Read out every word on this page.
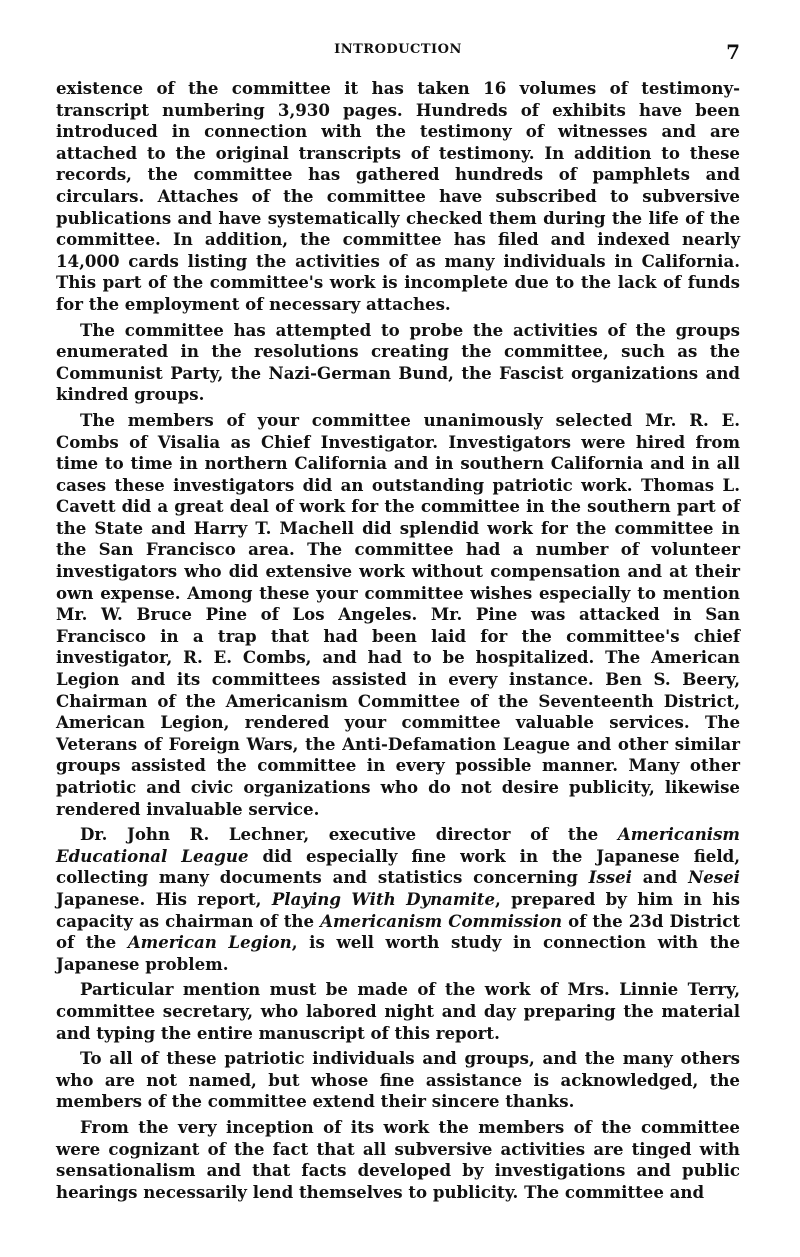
INTRODUCTION	7

existence of the committee it has taken 16 volumes of testimony-transcript numbering 3,930 pages. Hundreds of exhibits have been introduced in connection with the testimony of witnesses and are attached to the original transcripts of testimony. In addition to these records, the committee has gathered hundreds of pamphlets and circulars. Attaches of the committee have subscribed to subversive publications and have systematically checked them during the life of the committee. In addition, the committee has filed and indexed nearly 14,000 cards listing the activities of as many individuals in California. This part of the committee's work is incomplete due to the lack of funds for the employment of necessary attaches.

The committee has attempted to probe the activities of the groups enumerated in the resolutions creating the committee, such as the Communist Party, the Nazi-German Bund, the Fascist organizations and kindred groups.

The members of your committee unanimously selected Mr. R. E. Combs of Visalia as Chief Investigator. Investigators were hired from time to time in northern California and in southern California and in all cases these investigators did an outstanding patriotic work. Thomas L. Cavett did a great deal of work for the committee in the southern part of the State and Harry T. Machell did splendid work for the committee in the San Francisco area. The committee had a number of volunteer investigators who did extensive work without compensation and at their own expense. Among these your committee wishes especially to mention Mr. W. Bruce Pine of Los Angeles. Mr. Pine was attacked in San Francisco in a trap that had been laid for the committee's chief investigator, R. E. Combs, and had to be hospitalized. The American Legion and its committees assisted in every instance. Ben S. Beery, Chairman of the Americanism Committee of the Seventeenth District, American Legion, rendered your committee valuable services. The Veterans of Foreign Wars, the Anti-Defamation League and other similar groups assisted the committee in every possible manner. Many other patriotic and civic organizations who do not desire publicity, likewise rendered invaluable service.

Dr. John R. Lechner, executive director of the Americanism Educational League did especially fine work in the Japanese field, collecting many documents and statistics concerning Issei and Nesei Japanese. His report, Playing With Dynamite, prepared by him in his capacity as chairman of the Americanism Commission of the 23d District of the American Legion, is well worth study in connection with the Japanese problem.

Particular mention must be made of the work of Mrs. Linnie Terry, committee secretary, who labored night and day preparing the material and typing the entire manuscript of this report.

To all of these patriotic individuals and groups, and the many others who are not named, but whose fine assistance is acknowledged, the members of the committee extend their sincere thanks.

From the very inception of its work the members of the committee were cognizant of the fact that all subversive activities are tinged with sensationalism and that facts developed by investigations and public hearings necessarily lend themselves to publicity. The committee and
